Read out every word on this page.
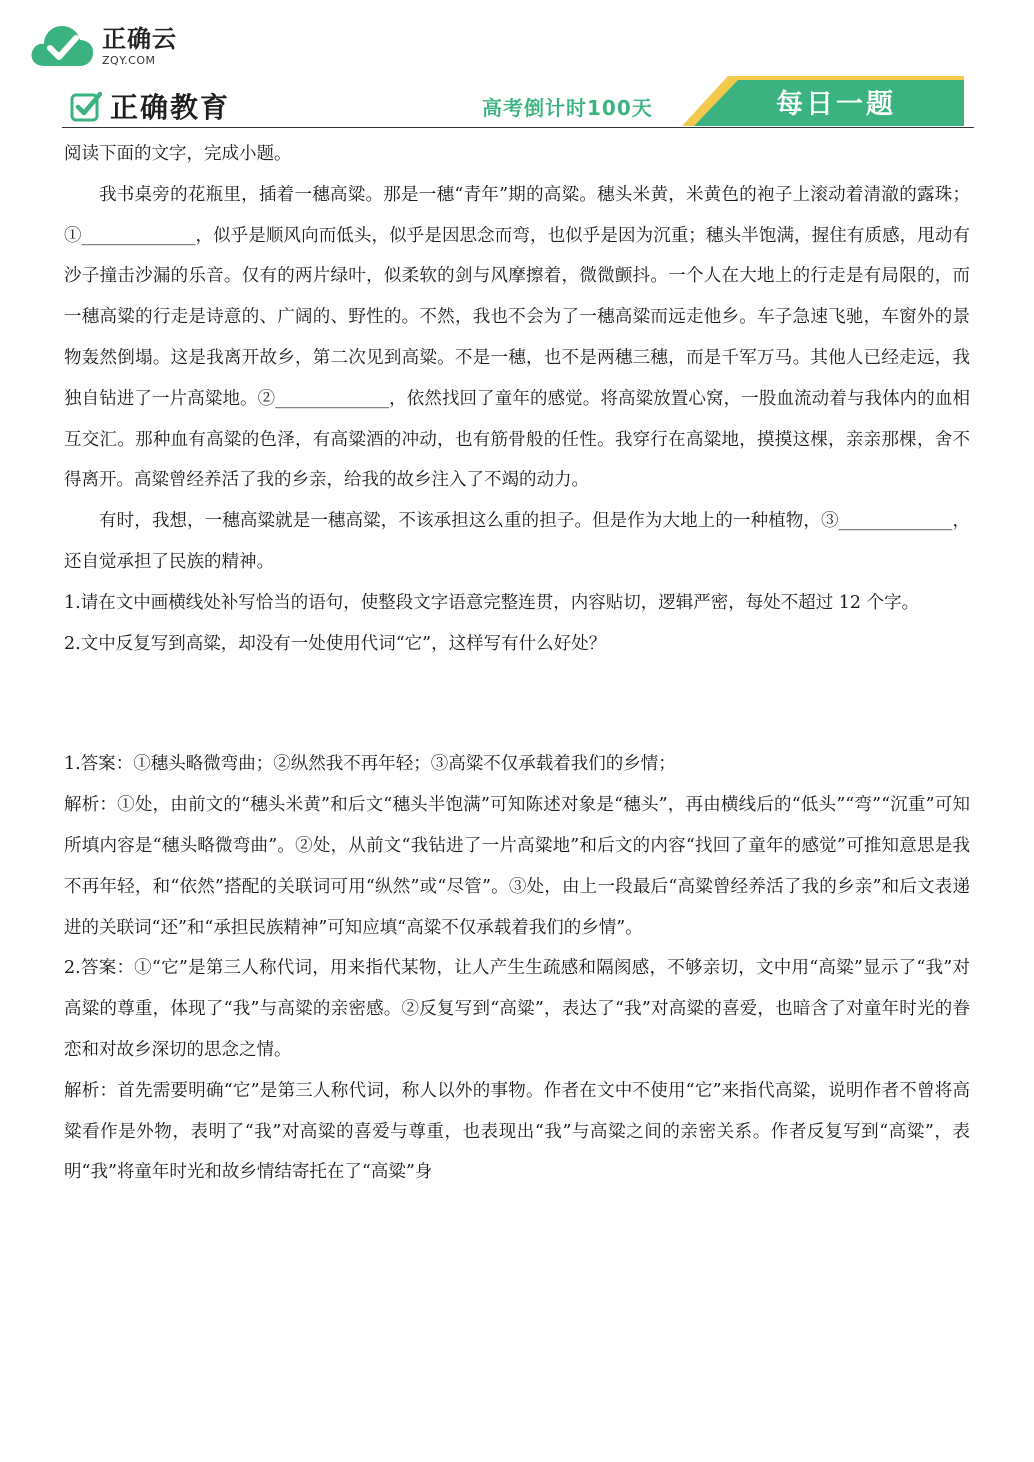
正确云
ZQY.COM
正确教育	高考倒计时100天	每日一题

阅读下面的文字，完成小题。

我书桌旁的花瓶里，插着一穗高粱。那是一穗“青年”期的高粱。穗头米黄，米黄色的袍子上滚动着清澈的露珠；①_____________，似乎是顺风向而低头，似乎是因思念而弯，也似乎是因为沉重；穗头半饱满，握住有质感，甩动有沙子撞击沙漏的乐音。仅有的两片绿叶，似柔软的剑与风摩擦着，微微颤抖。一个人在大地上的行走是有局限的，而一穗高粱的行走是诗意的、广阔的、野性的。不然，我也不会为了一穗高粱而远走他乡。车子急速飞驰，车窗外的景物轰然倒塌。这是我离开故乡，第二次见到高粱。不是一穗，也不是两穗三穗，而是千军万马。其他人已经走远，我独自钻进了一片高粱地。②_____________，依然找回了童年的感觉。将高粱放置心窝，一股血流动着与我体内的血相互交汇。那种血有高粱的色泽，有高粱酒的冲动，也有筋骨般的任性。我穿行在高粱地，摸摸这棵，亲亲那棵，舍不得离开。高粱曾经养活了我的乡亲，给我的故乡注入了不竭的动力。

有时，我想，一穗高粱就是一穗高粱，不该承担这么重的担子。但是作为大地上的一种植物，③_____________，还自觉承担了民族的精神。

1.请在文中画横线处补写恰当的语句，使整段文字语意完整连贯，内容贴切，逻辑严密，每处不超过 12 个字。

2.文中反复写到高粱，却没有一处使用代词“它”，这样写有什么好处？

1.答案：①穗头略微弯曲；②纵然我不再年轻；③高粱不仅承载着我们的乡情；

解析：①处，由前文的“穗头米黄”和后文“穗头半饱满”可知陈述对象是“穗头”，再由横线后的“低头”“弯”“沉重”可知所填内容是“穗头略微弯曲”。②处，从前文“我钻进了一片高粱地”和后文的内容“找回了童年的感觉”可推知意思是我不再年轻，和“依然”搭配的关联词可用“纵然”或“尽管”。③处，由上一段最后“高粱曾经养活了我的乡亲”和后文表递进的关联词“还”和“承担民族精神”可知应填“高粱不仅承载着我们的乡情”。

2.答案：①“它”是第三人称代词，用来指代某物，让人产生生疏感和隔阂感，不够亲切，文中用“高粱”显示了“我”对高粱的尊重，体现了“我”与高粱的亲密感。②反复写到“高粱”，表达了“我”对高粱的喜爱，也暗含了对童年时光的眷恋和对故乡深切的思念之情。

解析：首先需要明确“它”是第三人称代词，称人以外的事物。作者在文中不使用“它”来指代高粱，说明作者不曾将高粱看作是外物，表明了“我”对高粱的喜爱与尊重，也表现出“我”与高粱之间的亲密关系。作者反复写到“高粱”，表明“我”将童年时光和故乡情结寄托在了“高粱”身
